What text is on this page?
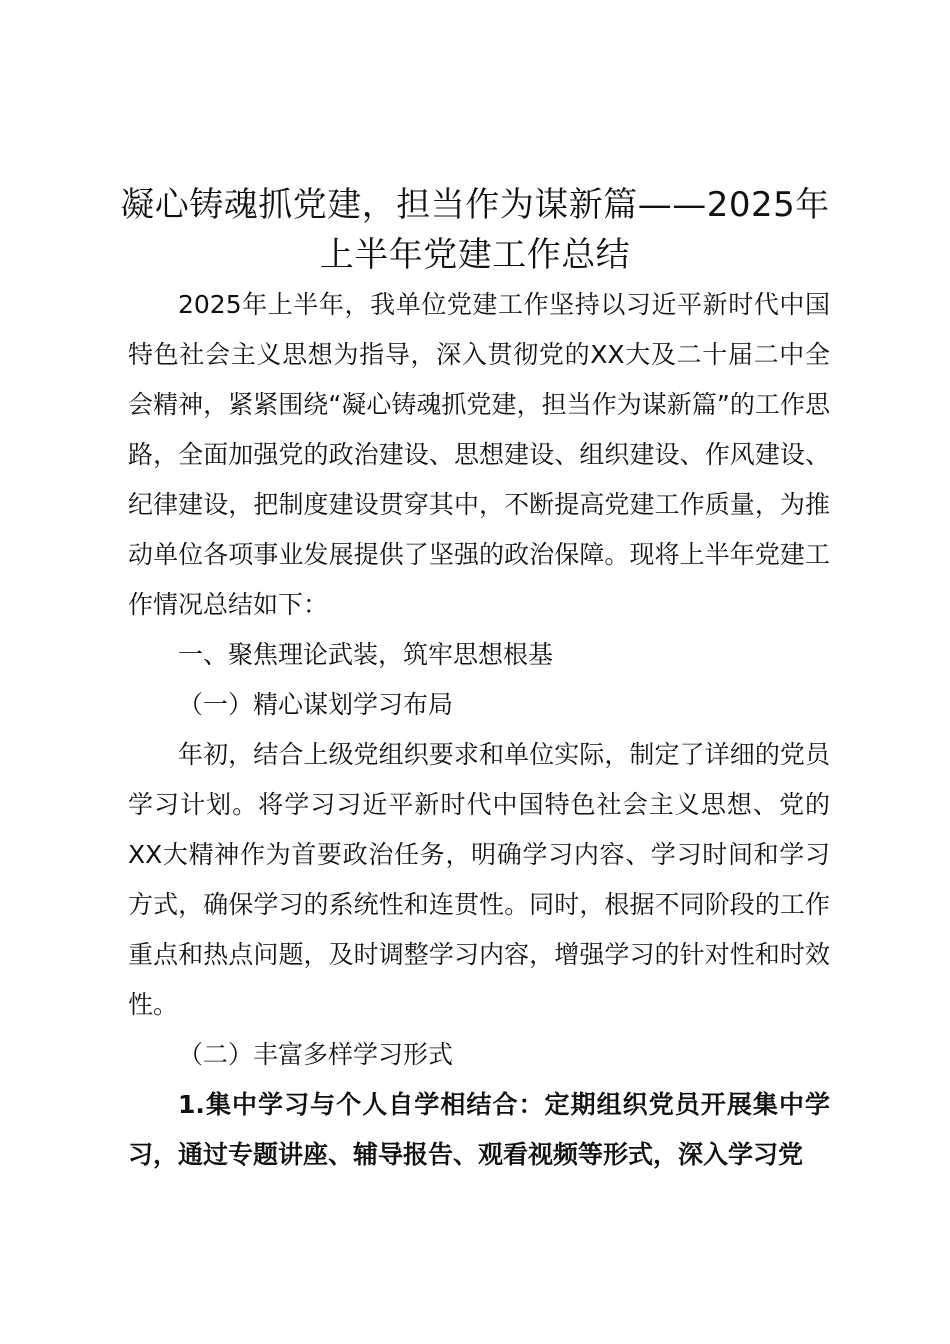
凝心铸魂抓党建，担当作为谋新篇——2025年上半年党建工作总结
2025年上半年，我单位党建工作坚持以习近平新时代中国特色社会主义思想为指导，深入贯彻党的XX大及二十届二中全会精神，紧紧围绕“凝心铸魂抓党建，担当作为谋新篇”的工作思路，全面加强党的政治建设、思想建设、组织建设、作风建设、纪律建设，把制度建设贯穿其中，不断提高党建工作质量，为推动单位各项事业发展提供了坚强的政治保障。现将上半年党建工作情况总结如下：
一、聚焦理论武装，筑牢思想根基
（一）精心谋划学习布局
年初，结合上级党组织要求和单位实际，制定了详细的党员学习计划。将学习习近平新时代中国特色社会主义思想、党的XX大精神作为首要政治任务，明确学习内容、学习时间和学习方式，确保学习的系统性和连贯性。同时，根据不同阶段的工作重点和热点问题，及时调整学习内容，增强学习的针对性和时效性。
（二）丰富多样学习形式
1.集中学习与个人自学相结合：定期组织党员开展集中学习，通过专题讲座、辅导报告、观看视频等形式，深入学习党
